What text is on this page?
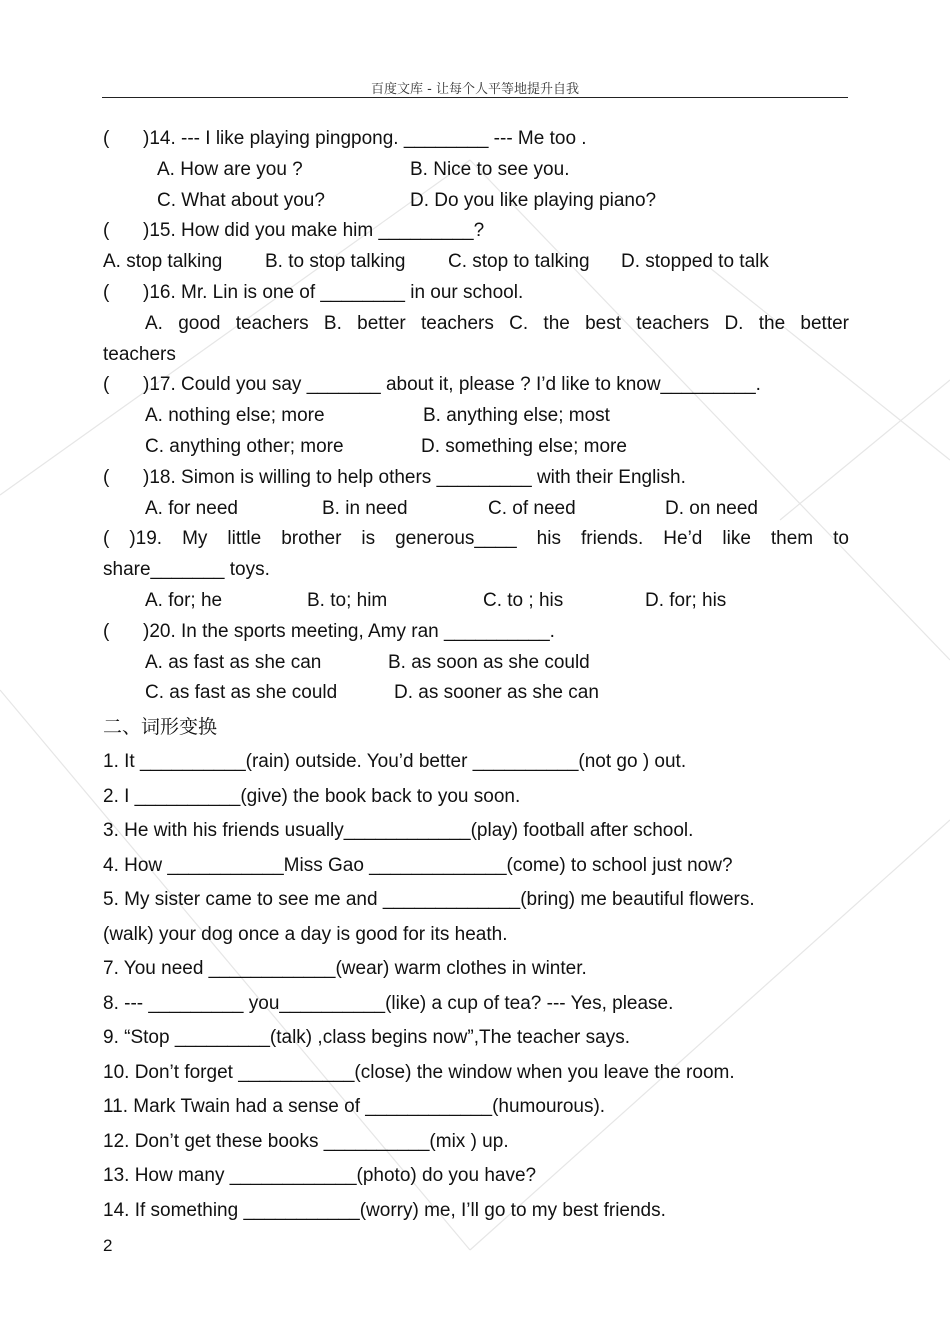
百度文库 - 让每个人平等地提升自我
( )14. --- I like playing pingpong. ________ --- Me too .
A. How are you ?	B. Nice to see you.
C. What about you?	D. Do you like playing piano?
( )15. How did you make him _________?
A. stop talking B. to stop talking C. stop to talking D. stopped to talk
( )16. Mr. Lin is one of ________ in our school.
A. good teachers B. better teachers C. the best teachers D. the better
teachers
( )17. Could you say _______ about it, please ? I’d like to know_________.
A. nothing else; more	B. anything else; most
C. anything other; more	D. something else; more
( )18. Simon is willing to help others _________ with their English.
A. for need	B. in need	C. of need	D. on need
( )19. My little brother is generous____ his friends. He’d like them to
share_______ toys.
A. for; he	B. to; him	C. to ; his	D. for; his
( )20. In the sports meeting, Amy ran __________.
A. as fast as she can	B. as soon as she could
C. as fast as she could	D. as sooner as she can
二、词形变换
1. It __________(rain) outside. You’d better __________(not go ) out.
2. I __________(give) the book back to you soon.
3. He with his friends usually____________(play) football after school.
4. How ___________Miss Gao _____________(come) to school just now?
5. My sister came to see me and _____________(bring) me beautiful flowers.
(walk) your dog once a day is good for its heath.
7. You need ____________(wear) warm clothes in winter.
8. --- _________ you__________(like) a cup of tea? --- Yes, please.
9. “Stop _________(talk) ,class begins now”,The teacher says.
10. Don’t forget ___________(close) the window when you leave the room.
11. Mark Twain had a sense of ____________(humourous).
12. Don’t get these books __________(mix ) up.
13. How many ____________(photo) do you have?
14. If something ___________(worry) me, I’ll go to my best friends.
2
